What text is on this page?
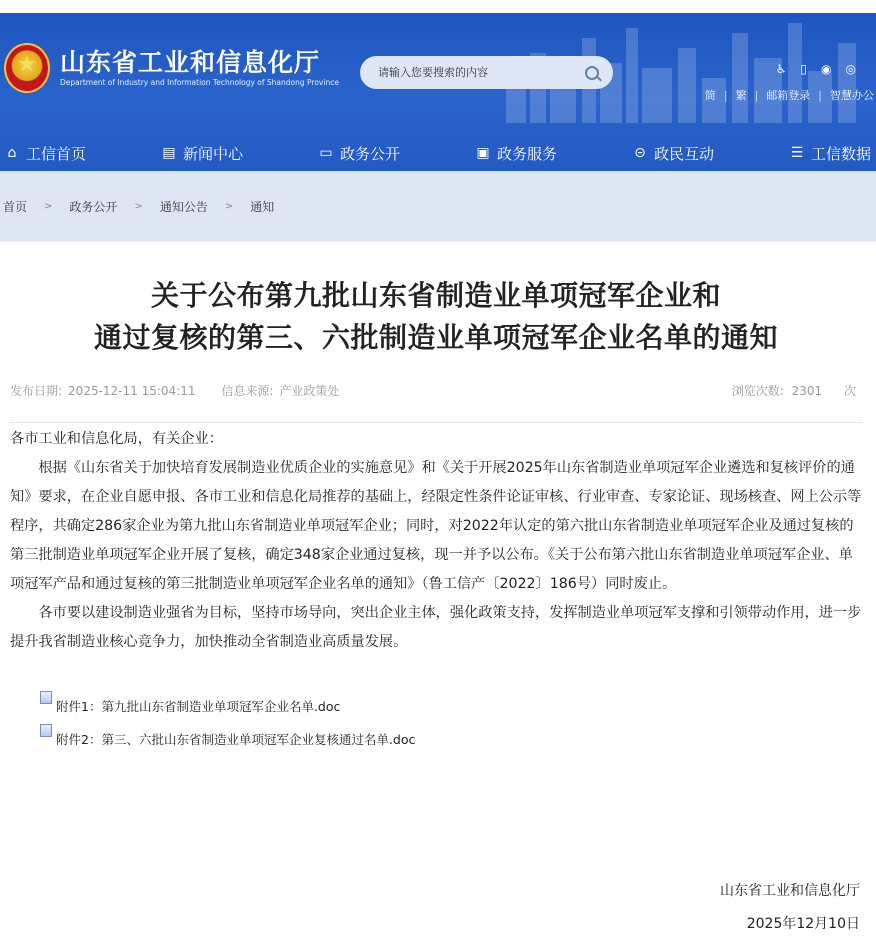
★
山东省工业和信息化厅
Department of Industry and Information Technology of Shandong Province
请输入您要搜索的内容
♿ ▯ ◉ ◎
简 | 繁 | 邮箱登录 | 智慧办公
⌂ 工信首页	▤ 新闻中心	▭ 政务公开	▣ 政务服务	⊝ 政民互动	☰ 工信数据
首页 > 政务公开 > 通知公告 > 通知
关于公布第九批山东省制造业单项冠军企业和
通过复核的第三、六批制造业单项冠军企业名单的通知
发布日期: 2025-12-11 15:04:11 信息来源: 产业政策处	浏览次数: 2301 次

各市工业和信息化局，有关企业：

根据《山东省关于加快培育发展制造业优质企业的实施意见》和《关于开展2025年山东省制造业单项冠军企业遴选和复核评价的通知》要求，在企业自愿申报、各市工业和信息化局推荐的基础上，经限定性条件论证审核、行业审查、专家论证、现场核查、网上公示等程序，共确定286家企业为第九批山东省制造业单项冠军企业；同时，对2022年认定的第六批山东省制造业单项冠军企业及通过复核的第三批制造业单项冠军企业开展了复核，确定348家企业通过复核，现一并予以公布。《关于公布第六批山东省制造业单项冠军企业、单项冠军产品和通过复核的第三批制造业单项冠军企业名单的通知》（鲁工信产〔2022〕186号）同时废止。

各市要以建设制造业强省为目标，坚持市场导向，突出企业主体，强化政策支持，发挥制造业单项冠军支撑和引领带动作用，进一步提升我省制造业核心竞争力，加快推动全省制造业高质量发展。

附件1：第九批山东省制造业单项冠军企业名单.doc
附件2：第三、六批山东省制造业单项冠军企业复核通过名单.doc
山东省工业和信息化厅
2025年12月10日
